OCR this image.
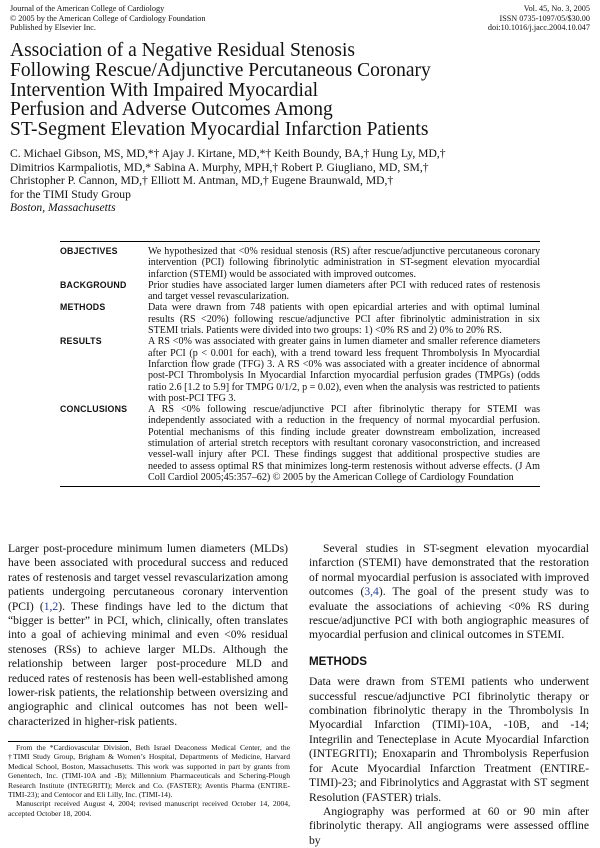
Journal of the American College of Cardiology
© 2005 by the American College of Cardiology Foundation
Published by Elsevier Inc.
Vol. 45, No. 3, 2005
ISSN 0735-1097/05/$30.00
doi:10.1016/j.jacc.2004.10.047
Association of a Negative Residual Stenosis
Following Rescue/Adjunctive Percutaneous Coronary
Intervention With Impaired Myocardial
Perfusion and Adverse Outcomes Among
ST-Segment Elevation Myocardial Infarction Patients
C. Michael Gibson, MS, MD,*† Ajay J. Kirtane, MD,*† Keith Boundy, BA,† Hung Ly, MD,†
Dimitrios Karmpaliotis, MD,* Sabina A. Murphy, MPH,† Robert P. Giugliano, MD, SM,†
Christopher P. Cannon, MD,† Elliott M. Antman, MD,† Eugene Braunwald, MD,†
for the TIMI Study Group
Boston, Massachusetts
OBJECTIVES	We hypothesized that <0% residual stenosis (RS) after rescue/adjunctive percutaneous coronary intervention (PCI) following fibrinolytic administration in ST-segment elevation myocardial infarction (STEMI) would be associated with improved outcomes.
BACKGROUND	Prior studies have associated larger lumen diameters after PCI with reduced rates of restenosis and target vessel revascularization.
METHODS	Data were drawn from 748 patients with open epicardial arteries and with optimal luminal results (RS <20%) following rescue/adjunctive PCI after fibrinolytic administration in six STEMI trials. Patients were divided into two groups: 1) <0% RS and 2) 0% to 20% RS.
RESULTS	A RS <0% was associated with greater gains in lumen diameter and smaller reference diameters after PCI (p < 0.001 for each), with a trend toward less frequent Thrombolysis In Myocardial Infarction flow grade (TFG) 3. A RS <0% was associated with a greater incidence of abnormal post-PCI Thrombolysis In Myocardial Infarction myocardial perfusion grades (TMPGs) (odds ratio 2.6 [1.2 to 5.9] for TMPG 0/1/2, p = 0.02), even when the analysis was restricted to patients with post-PCI TFG 3.
CONCLUSIONS	A RS <0% following rescue/adjunctive PCI after fibrinolytic therapy for STEMI was independently associated with a reduction in the frequency of normal myocardial perfusion. Potential mechanisms of this finding include greater downstream embolization, increased stimulation of arterial stretch receptors with resultant coronary vasoconstriction, and increased vessel-wall injury after PCI. These findings suggest that additional prospective studies are needed to assess optimal RS that minimizes long-term restenosis without adverse effects. (J Am Coll Cardiol 2005;45:357–62) © 2005 by the American College of Cardiology Foundation

Larger post-procedure minimum lumen diameters (MLDs) have been associated with procedural success and reduced rates of restenosis and target vessel revascularization among patients undergoing percutaneous coronary intervention (PCI) (1,2). These findings have led to the dictum that “bigger is better” in PCI, which, clinically, often translates into a goal of achieving minimal and even <0% residual stenoses (RSs) to achieve larger MLDs. Although the relationship between larger post-procedure MLD and reduced rates of restenosis has been well-established among lower-risk patients, the relationship between oversizing and angiographic and clinical outcomes has not been well-characterized in higher-risk patients.

From the *Cardiovascular Division, Beth Israel Deaconess Medical Center, and the †TIMI Study Group, Brigham & Women’s Hospital, Departments of Medicine, Harvard Medical School, Boston, Massachusetts. This work was supported in part by grants from Genentech, Inc. (TIMI-10A and -B); Millennium Pharmaceuticals and Schering-Plough Research Institute (INTEGRITI); Merck and Co. (FASTER); Aventis Pharma (ENTIRE-TIMI-23); and Centocor and Eli Lilly, Inc. (TIMI-14).

Manuscript received August 4, 2004; revised manuscript received October 14, 2004, accepted October 18, 2004.

Several studies in ST-segment elevation myocardial infarction (STEMI) have demonstrated that the restoration of normal myocardial perfusion is associated with improved outcomes (3,4). The goal of the present study was to evaluate the associations of achieving <0% RS during rescue/adjunctive PCI with both angiographic measures of myocardial perfusion and clinical outcomes in STEMI.

METHODS

Data were drawn from STEMI patients who underwent successful rescue/adjunctive PCI fibrinolytic therapy or combination fibrinolytic therapy in the Thrombolysis In Myocardial Infarction (TIMI)-10A, -10B, and -14; Integrilin and Tenecteplase in Acute Myocardial Infarction (INTEGRITI); Enoxaparin and Thrombolysis Reperfusion for Acute Myocardial Infarction Treatment (ENTIRE-TIMI)-23; and Fibrinolytics and Aggrastat with ST segment Resolution (FASTER) trials.

Angiography was performed at 60 or 90 min after fibrinolytic therapy. All angiograms were assessed offline by
